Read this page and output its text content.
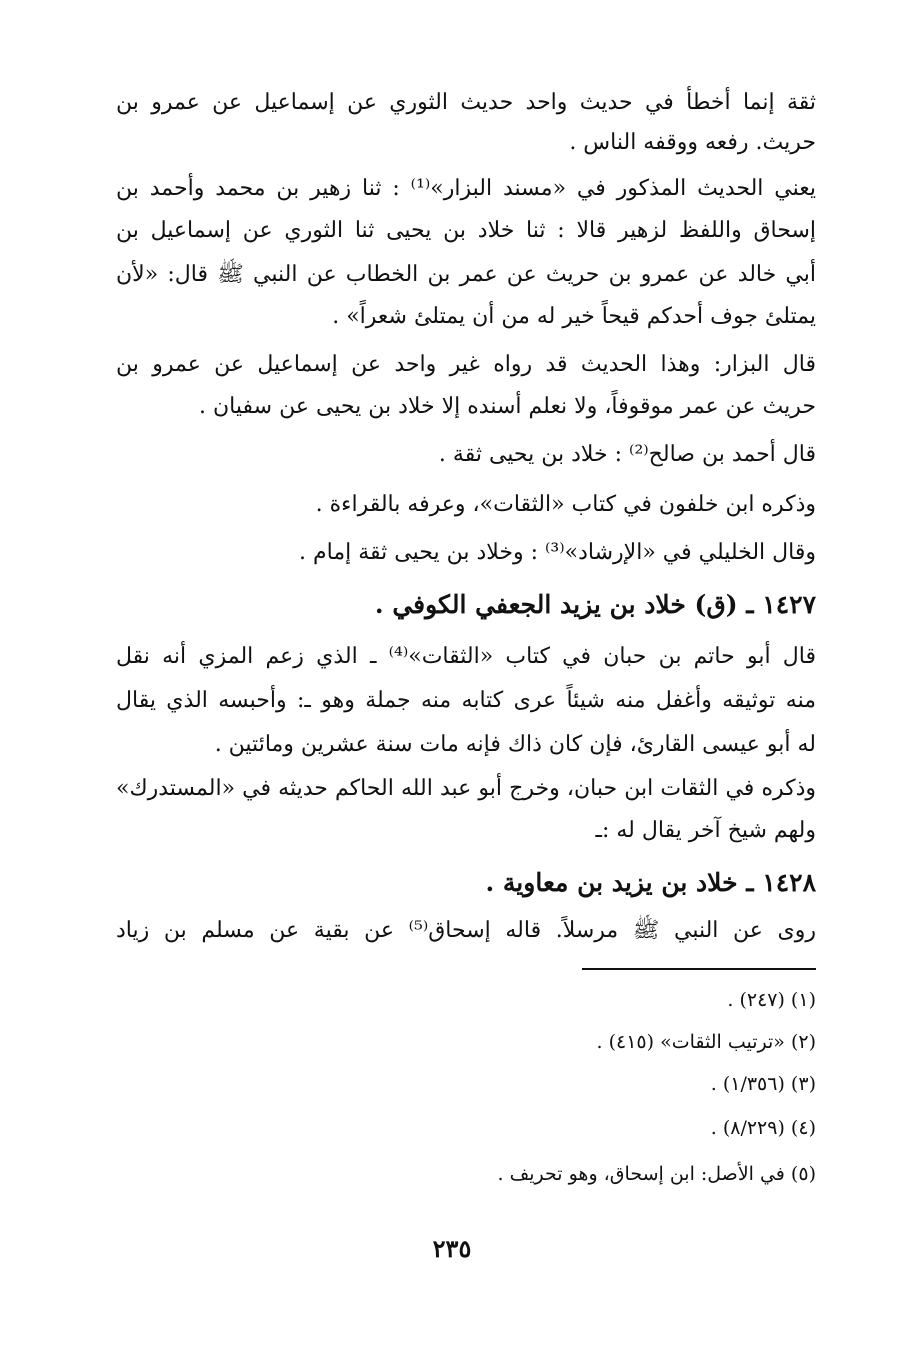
ثقة إنما أخطأ في حديث واحد حديث الثوري عن إسماعيل عن عمرو بن
حريث. رفعه ووقفه الناس .
يعني الحديث المذكور في «مسند البزار»⁽¹⁾ : ثنا زهير بن محمد وأحمد بن
إسحاق واللفظ لزهير قالا : ثنا خلاد بن يحيى ثنا الثوري عن إسماعيل بن
أبي خالد عن عمرو بن حريث عن عمر بن الخطاب عن النبي ﷺ قال: «لأن
يمتلئ جوف أحدكم قيحاً خير له من أن يمتلئ شعراً» .
قال البزار: وهذا الحديث قد رواه غير واحد عن إسماعيل عن عمرو بن
حريث عن عمر موقوفاً، ولا نعلم أسنده إلا خلاد بن يحيى عن سفيان .
قال أحمد بن صالح⁽²⁾ : خلاد بن يحيى ثقة .
وذكره ابن خلفون في كتاب «الثقات»، وعرفه بالقراءة .
وقال الخليلي في «الإرشاد»⁽³⁾ : وخلاد بن يحيى ثقة إمام .
١٤٢٧ ـ (ق) خلاد بن يزيد الجعفي الكوفي .
قال أبو حاتم بن حبان في كتاب «الثقات»⁽⁴⁾ ـ الذي زعم المزي أنه نقل
منه توثيقه وأغفل منه شيئاً عرى كتابه منه جملة وهو ـ: وأحبسه الذي يقال
له أبو عيسى القارئ، فإن كان ذاك فإنه مات سنة عشرين ومائتين .
وذكره في الثقات ابن حبان، وخرج أبو عبد الله الحاكم حديثه في «المستدرك»
ولهم شيخ آخر يقال له :ـ
١٤٢٨ ـ خلاد بن يزيد بن معاوية .
روى عن النبي ﷺ مرسلاً. قاله إسحاق⁽⁵⁾ عن بقية عن مسلم بن زياد
(١) (٢٤٧) .
(٢) «ترتيب الثقات» (٤١٥) .
(٣) (١/٣٥٦) .
(٤) (٨/٢٢٩) .
(٥) في الأصل: ابن إسحاق، وهو تحريف .
٢٣٥
